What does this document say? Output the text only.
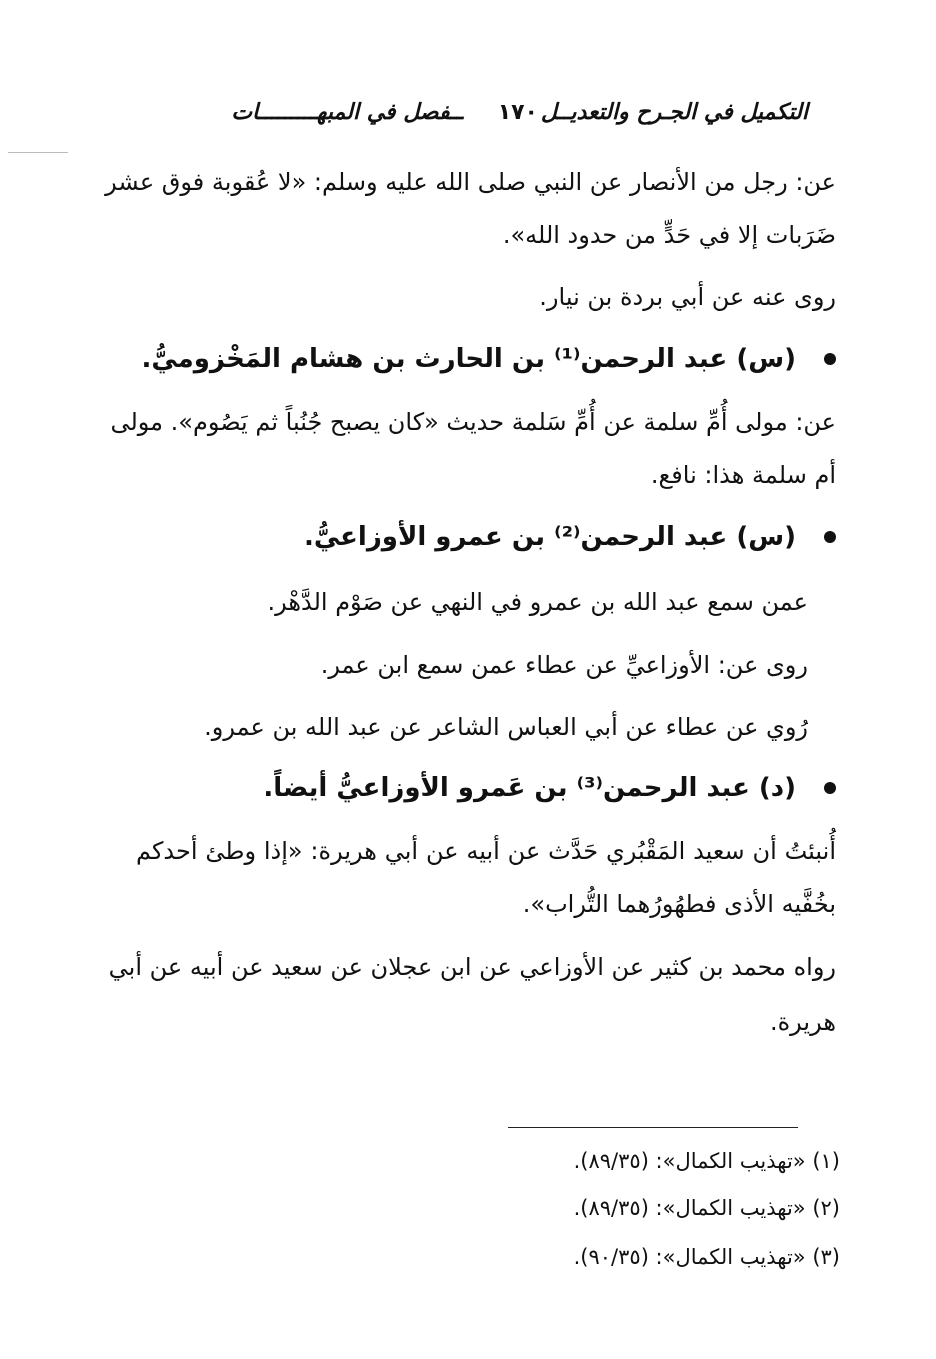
التكميل في الجـرح والتعديــل
١٧٠
ــفصل في المبهـــــــــات
عن: رجل من الأنصار عن النبي صلى الله عليه وسلم: «لا عُقوبة فوق عشر
ضَرَبات إلا في حَدٍّ من حدود الله».
روى عنه عن أبي بردة بن نيار.
(س) عبد الرحمن⁽¹⁾ بن الحارث بن هشام المَخْزوميُّ.
عن: مولى أُمِّ سلمة عن أُمِّ سَلمة حديث «كان يصبح جُنُباً ثم يَصُوم». مولى
أم سلمة هذا: نافع.
(س) عبد الرحمن⁽²⁾ بن عمرو الأوزاعيُّ.
عمن سمع عبد الله بن عمرو في النهي عن صَوْم الدَّهْر.
روى عن: الأوزاعيِّ عن عطاء عمن سمع ابن عمر.
رُوي عن عطاء عن أبي العباس الشاعر عن عبد الله بن عمرو.
(د) عبد الرحمن⁽³⁾ بن عَمرو الأوزاعيُّ أيضاً.
أُنبئتُ أن سعيد المَقْبُري حَدَّث عن أبيه عن أبي هريرة: «إذا وطئ أحدكم
بخُفَّيه الأذى فطهُورُهما التُّراب».
رواه محمد بن كثير عن الأوزاعي عن ابن عجلان عن سعيد عن أبيه عن أبي
هريرة.
(١) «تهذيب الكمال»: (٨٩/٣٥).
(٢) «تهذيب الكمال»: (٨٩/٣٥).
(٣) «تهذيب الكمال»: (٩٠/٣٥).
